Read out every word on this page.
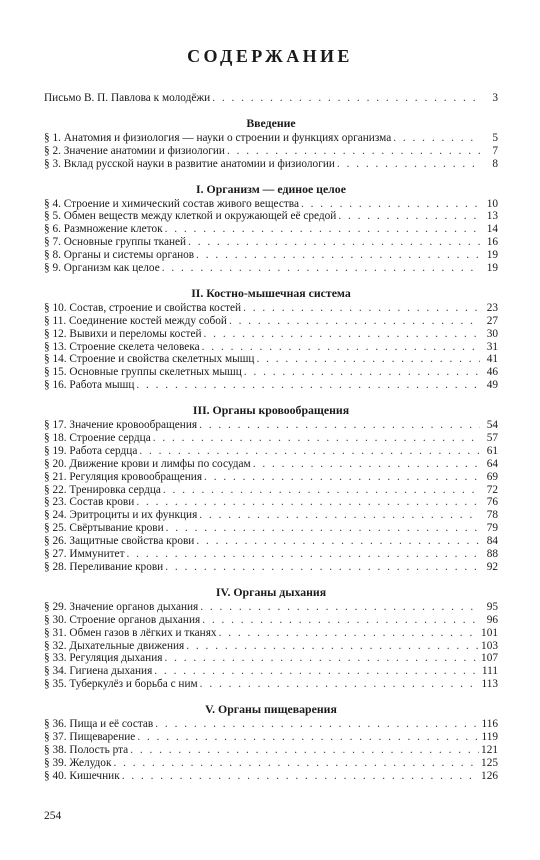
СОДЕРЖАНИЕ
Письмо В. П. Павлова к молодёжи . . .	3
Введение
§ 1. Анатомия и физиология — науки о строении и функциях организма . . .	5
§ 2. Значение анатомии и физиологии . . .	7
§ 3. Вклад русской науки в развитие анатомии и физиологии . . .	8
I. Организм — единое целое
§ 4. Строение и химический состав живого вещества . . .	10
§ 5. Обмен веществ между клеткой и окружающей её средой . . .	13
§ 6. Размножение клеток . . .	14
§ 7. Основные группы тканей . . .	16
§ 8. Органы и системы органов . . .	19
§ 9. Организм как целое . . .	19
II. Костно-мышечная система
§ 10. Состав, строение и свойства костей . . .	23
§ 11. Соединение костей между собой . . .	27
§ 12. Вывихи и переломы костей . . .	30
§ 13. Строение скелета человека . . .	31
§ 14. Строение и свойства скелетных мышц . . .	41
§ 15. Основные группы скелетных мышц . . .	46
§ 16. Работа мышц . . .	49
III. Органы кровообращения
§ 17. Значение кровообращения . . .	54
§ 18. Строение сердца . . .	57
§ 19. Работа сердца . . .	61
§ 20. Движение крови и лимфы по сосудам . . .	64
§ 21. Регуляция кровообращения . . .	69
§ 22. Тренировка сердца . . .	72
§ 23. Состав крови . . .	76
§ 24. Эритроциты и их функция . . .	78
§ 25. Свёртывание крови . . .	79
§ 26. Защитные свойства крови . . .	84
§ 27. Иммунитет . . .	88
§ 28. Переливание крови . . .	92
IV. Органы дыхания
§ 29. Значение органов дыхания . . .	95
§ 30. Строение органов дыхания . . .	96
§ 31. Обмен газов в лёгких и тканях . . .	101
§ 32. Дыхательные движения . . .	103
§ 33. Регуляция дыхания . . .	107
§ 34. Гигиена дыхания . . .	111
§ 35. Туберкулёз и борьба с ним . . .	113
V. Органы пищеварения
§ 36. Пища и её состав . . .	116
§ 37. Пищеварение . . .	119
§ 38. Полость рта . . .	121
§ 39. Желудок . . .	125
§ 40. Кишечник . . .	126
254
